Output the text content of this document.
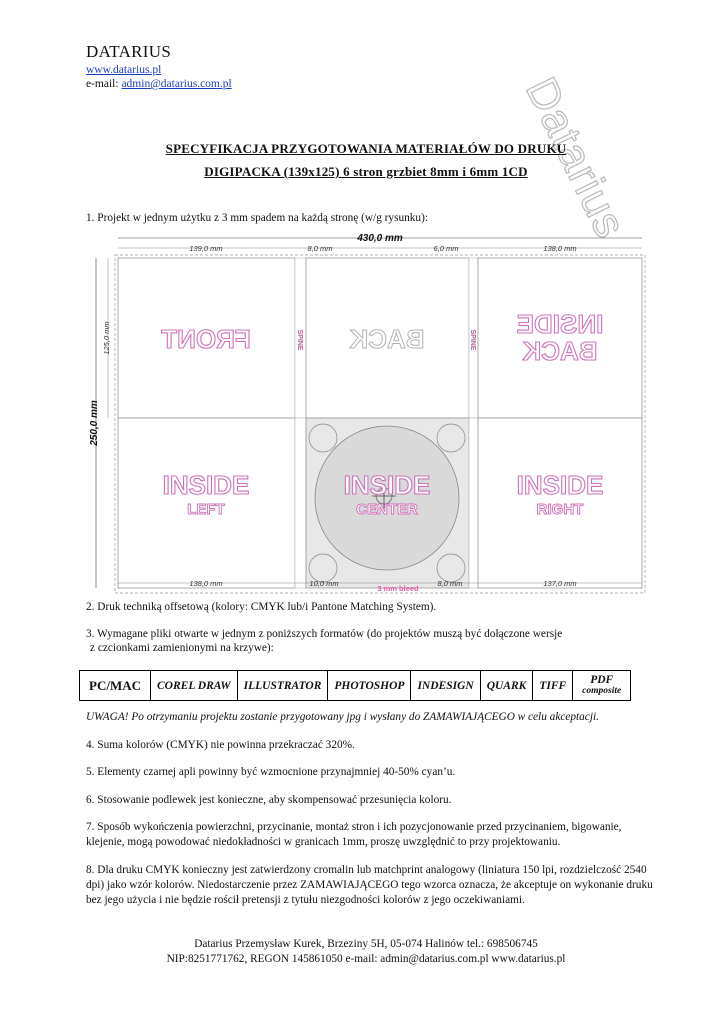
Datarius
DATARIUS
www.datarius.pl
e-mail: admin@datarius.com.pl
SPECYFIKACJA PRZYGOTOWANIA MATERIAŁÓW DO DRUKU
DIGIPACKA (139x125) 6 stron grzbiet 8mm i 6mm 1CD
1. Projekt w jednym użytku z 3 mm spadem na każdą stronę (w/g rysunku):
430,0 mm
139,0 mm	8,0 mm	6,0 mm	138,0 mm
138,0 mm	10,0 mm	8,0 mm	137,0 mm
3 mm bleed
250,0 mm
125,0 mm FRONT	BACK	INSIDE
BACK
SPINE	SPINE
INSIDE
LEFT
INSIDE
CENTER
INSIDE
RIGHT
2. Druk techniką offsetową (kolory: CMYK lub/i Pantone Matching System).
3. Wymagane pliki otwarte w jednym z poniższych formatów (do projektów muszą być dołączone wersje
z czcionkami zamienionymi na krzywe):
PC/MAC	COREL DRAW	ILLUSTRATOR	PHOTOSHOP	INDESIGN	QUARK	TIFF	PDF
composite
UWAGA! Po otrzymaniu projektu zostanie przygotowany jpg i wysłany do ZAMAWIAJĄCEGO w celu akceptacji.
4. Suma kolorów (CMYK) nie powinna przekraczać 320%.
5. Elementy czarnej apli powinny być wzmocnione przynajmniej 40-50% cyan’u.
6. Stosowanie podlewek jest konieczne, aby skompensować przesunięcia koloru.
7. Sposób wykończenia powierzchni, przycinanie, montaż stron i ich pozycjonowanie przed przycinaniem, bigowanie, klejenie, mogą powodować niedokładności w granicach 1mm, proszę uwzględnić to przy projektowaniu.
8. Dla druku CMYK konieczny jest zatwierdzony cromalin lub matchprint analogowy (liniatura 150 lpi, rozdzielczość 2540 dpi) jako wzór kolorów. Niedostarczenie przez ZAMAWIAJĄCEGO tego wzorca oznacza, że akceptuje on wykonanie druku bez jego użycia i nie będzie rościł pretensji z tytułu niezgodności kolorów z jego oczekiwaniami.
Datarius Przemysław Kurek, Brzeziny 5H, 05-074 Halinów tel.: 698506745
NIP:8251771762, REGON 145861050 e-mail: admin@datarius.com.pl www.datarius.pl
